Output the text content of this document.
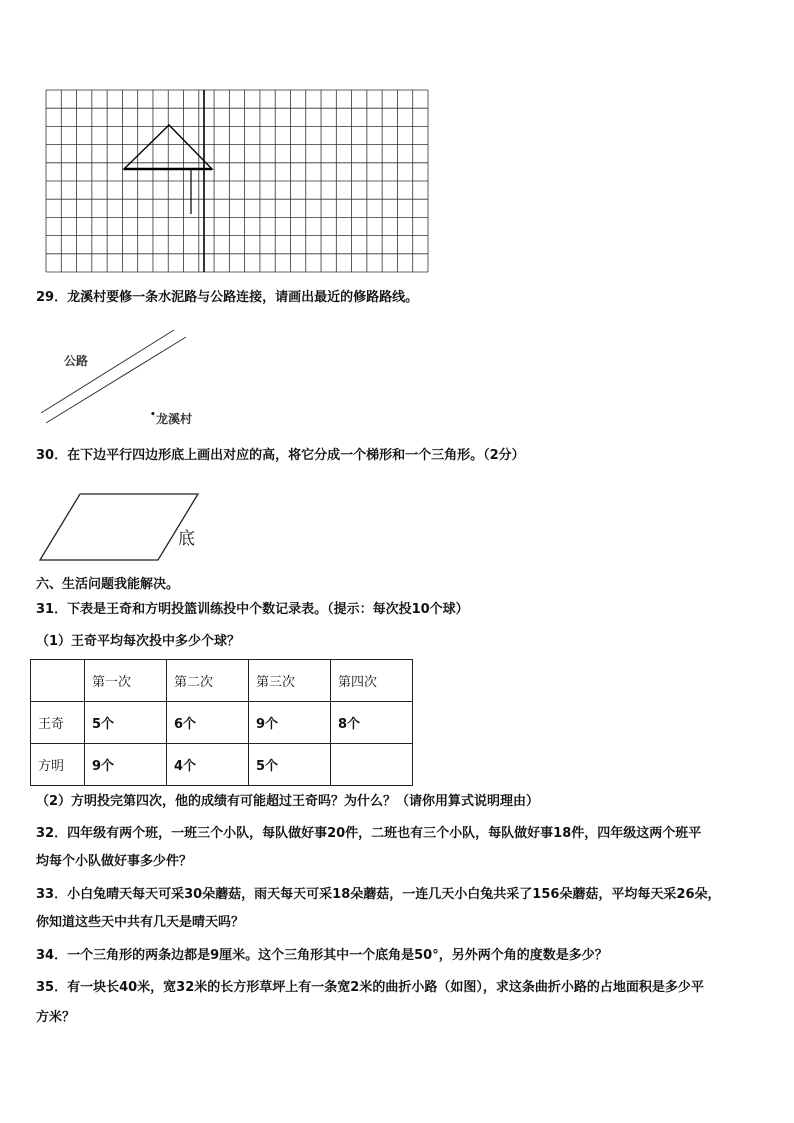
29．龙溪村要修一条水泥路与公路连接，请画出最近的修路路线。
公路
• 龙溪村
30．在下边平行四边形底上画出对应的高，将它分成一个梯形和一个三角形。（2分）
底
六、生活问题我能解决。
31．下表是王奇和方明投篮训练投中个数记录表。（提示：每次投10个球）
（1）王奇平均每次投中多少个球？
	第一次	第二次	第三次	第四次
王奇	5个	6个	9个	8个
方明	9个	4个	5个	
（2）方明投完第四次，他的成绩有可能超过王奇吗？为什么？（请你用算式说明理由）
32．四年级有两个班，一班三个小队，每队做好事20件，二班也有三个小队，每队做好事18件，四年级这两个班平
均每个小队做好事多少件？
33．小白兔晴天每天可采30朵蘑菇，雨天每天可采18朵蘑菇，一连几天小白兔共采了156朵蘑菇，平均每天采26朵，
你知道这些天中共有几天是晴天吗？
34．一个三角形的两条边都是9厘米。这个三角形其中一个底角是50°，另外两个角的度数是多少？
35．有一块长40米，宽32米的长方形草坪上有一条宽2米的曲折小路（如图），求这条曲折小路的占地面积是多少平
方米？
